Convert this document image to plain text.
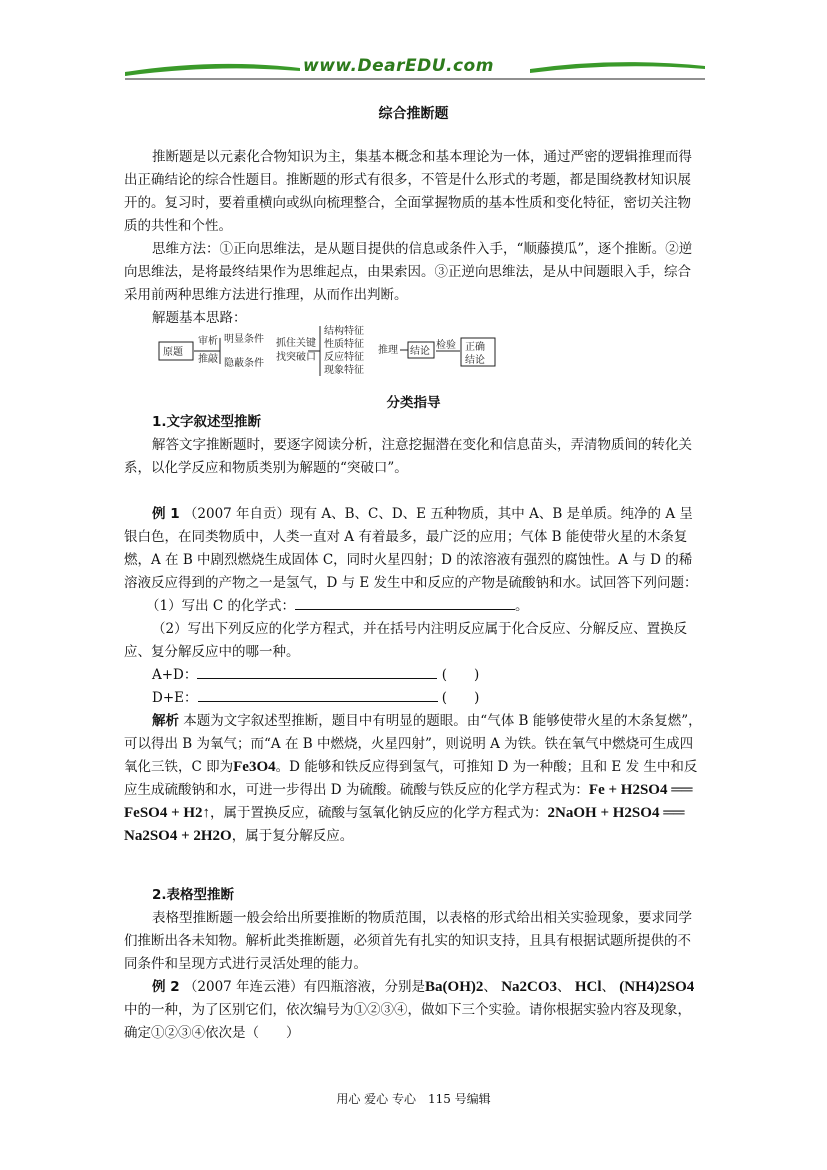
www.DearEDU.com
综合推断题

推断题是以元素化合物知识为主，集基本概念和基本理论为一体，通过严密的逻辑推理而得出正确结论的综合性题目。推断题的形式有很多，不管是什么形式的考题，都是围绕教材知识展开的。复习时，要着重横向或纵向梳理整合，全面掌握物质的基本性质和变化特征，密切关注物质的共性和个性。

思维方法：①正向思维法，是从题目提供的信息或条件入手，“顺藤摸瓜”，逐个推断。②逆向思维法，是将最终结果作为思维起点，由果索因。③正逆向思维法，是从中间题眼入手，综合采用前两种思维方法进行推理，从而作出判断。

解题基本思路：

原题
审析
推敲
明显条件
隐蔽条件
抓住关键
找突破口
结构特征
性质特征
反应特征
现象特征
推理 结论
检验 正确
结论
分类指导

1.文字叙述型推断

解答文字推断题时，要逐字阅读分析，注意挖掘潜在变化和信息苗头，弄清物质间的转化关系，以化学反应和物质类别为解题的“突破口”。

例 1 （2007 年自贡）现有 A、B、C、D、E 五种物质，其中 A、B 是单质。纯净的 A 呈银白色，在同类物质中，人类一直对 A 有着最多，最广泛的应用；气体 B 能使带火星的木条复燃，A 在 B 中剧烈燃烧生成固体 C，同时火星四射；D 的浓溶液有强烈的腐蚀性。A 与 D 的稀溶液反应得到的产物之一是氢气，D 与 E 发生中和反应的产物是硫酸钠和水。试回答下列问题：

（1）写出 C 的化学式：	。

（2）写出下列反应的化学方程式，并在括号内注明反应属于化合反应、分解反应、置换反应、复分解反应中的哪一种。

A+D：	(　　)

D+E：	(　　)

解析 本题为文字叙述型推断，题目中有明显的题眼。由“气体 B 能够使带火星的木条复燃”，可以得出 B 为氧气；而“A 在 B 中燃烧，火星四射”，则说明 A 为铁。铁在氧气中燃烧可生成四氧化三铁，C 即为Fe3O4。D 能够和铁反应得到氢气，可推知 D 为一种酸；且和 E 发 生中和反应生成硫酸钠和水，可进一步得出 D 为硫酸。硫酸与铁反应的化学方程式为：Fe + H2SO4 ══ FeSO4 + H2↑，属于置换反应，硫酸与氢氧化钠反应的化学方程式为：2NaOH + H2SO4 ══ Na2SO4 + 2H2O，属于复分解反应。

2.表格型推断

表格型推断题一般会给出所要推断的物质范围，以表格的形式给出相关实验现象，要求同学们推断出各未知物。解析此类推断题，必须首先有扎实的知识支持，且具有根据试题所提供的不同条件和呈现方式进行灵活处理的能力。

例 2 （2007 年连云港）有四瓶溶液，分别是Ba(OH)2、 Na2CO3、 HCl、 (NH4)2SO4中的一种，为了区别它们，依次编号为①②③④，做如下三个实验。请你根据实验内容及现象，确定①②③④依次是（　　）

用心 爱心 专心　115 号编辑
